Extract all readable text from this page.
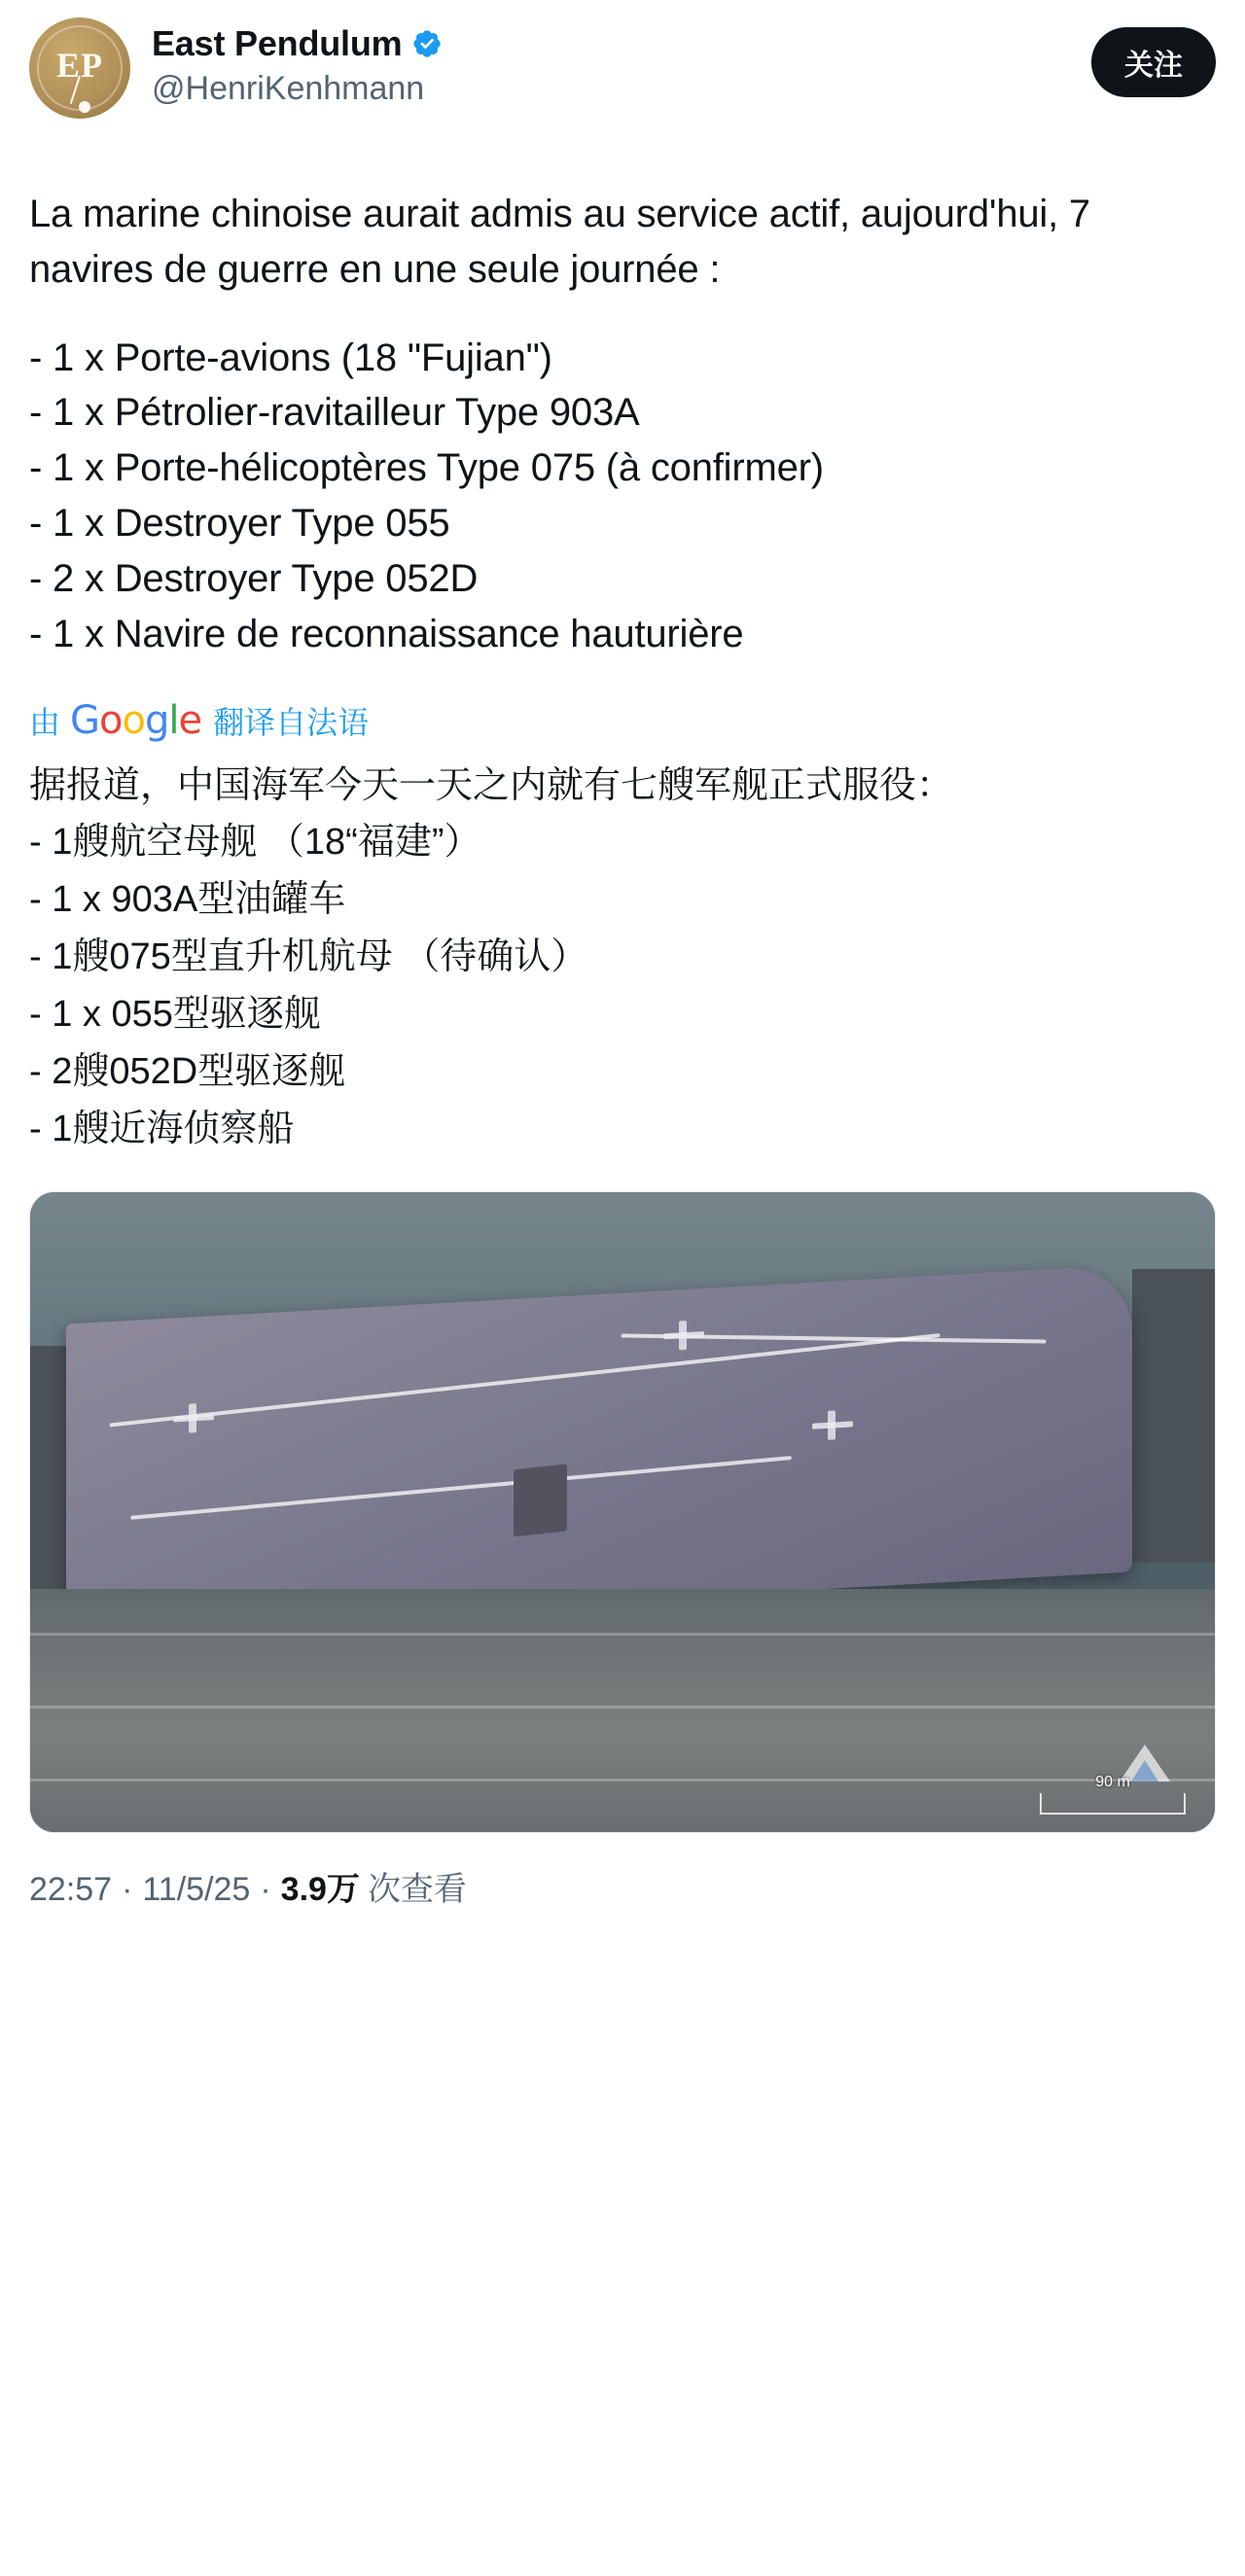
EP
East Pendulum
@HenriKenhmann
关注
La marine chinoise aurait admis au service actif, aujourd'hui, 7 navires de guerre en une seule journée :
- 1 x Porte-avions (18 "Fujian")
- 1 x Pétrolier-ravitailleur Type 903A
- 1 x Porte-hélicoptères Type 075 (à confirmer)
- 1 x Destroyer Type 055
- 2 x Destroyer Type 052D
- 1 x Navire de reconnaissance hauturière
由 Google 翻译自法语
据报道，中国海军今天一天之内就有七艘军舰正式服役：
- 1艘航空母舰 （18“福建”）
- 1 x 903A型油罐车
- 1艘075型直升机航母 （待确认）
- 1 x 055型驱逐舰
- 2艘052D型驱逐舰
- 1艘近海侦察船
90 m
22:57 · 11/5/25 · 3.9万 次查看
